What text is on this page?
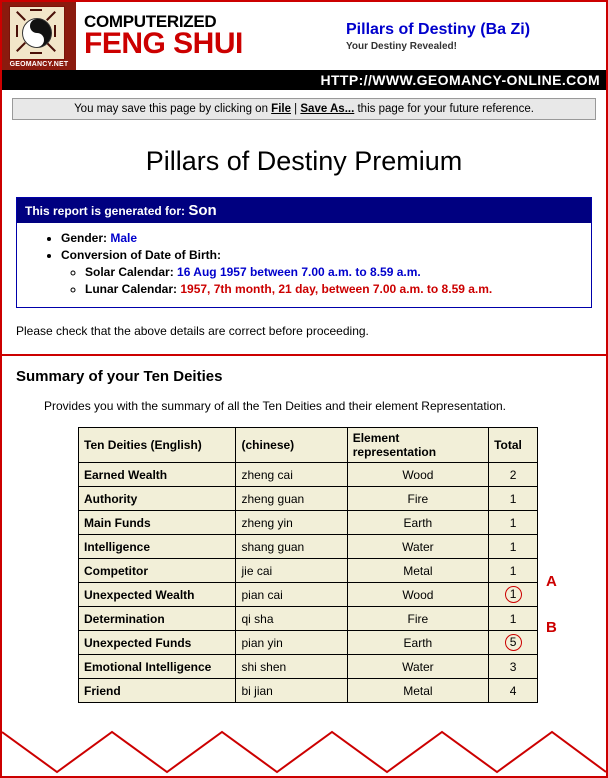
GEOMANCY.NET
COMPUTERIZED
FENG SHUI	Pillars of Destiny (Ba Zi)
Your Destiny Revealed!
HTTP://WWW.GEOMANCY-ONLINE.COM
You may save this page by clicking on File | Save As... this page for your future reference.
Pillars of Destiny Premium
This report is generated for: Son
• Gender: Male
• Conversion of Date of Birth:
◦ Solar Calendar: 16 Aug 1957 between 7.00 a.m. to 8.59 a.m.
◦ Lunar Calendar: 1957, 7th month, 21 day, between 7.00 a.m. to 8.59 a.m.
Please check that the above details are correct before proceeding.
Summary of your Ten Deities
Provides you with the summary of all the Ten Deities and their element Representation.
Ten Deities (English)	(chinese)	Element representation	Total
Earned Wealth	zheng cai	Wood	2
Authority	zheng guan	Fire	1
Main Funds	zheng yin	Earth	1
Intelligence	shang guan	Water	1
Competitor	jie cai	Metal	1
Unexpected Wealth	pian cai	Wood	1
Determination	qi sha	Fire	1
Unexpected Funds	pian yin	Earth	5
Emotional Intelligence	shi shen	Water	3
Friend	bi jian	Metal	4
A
B
